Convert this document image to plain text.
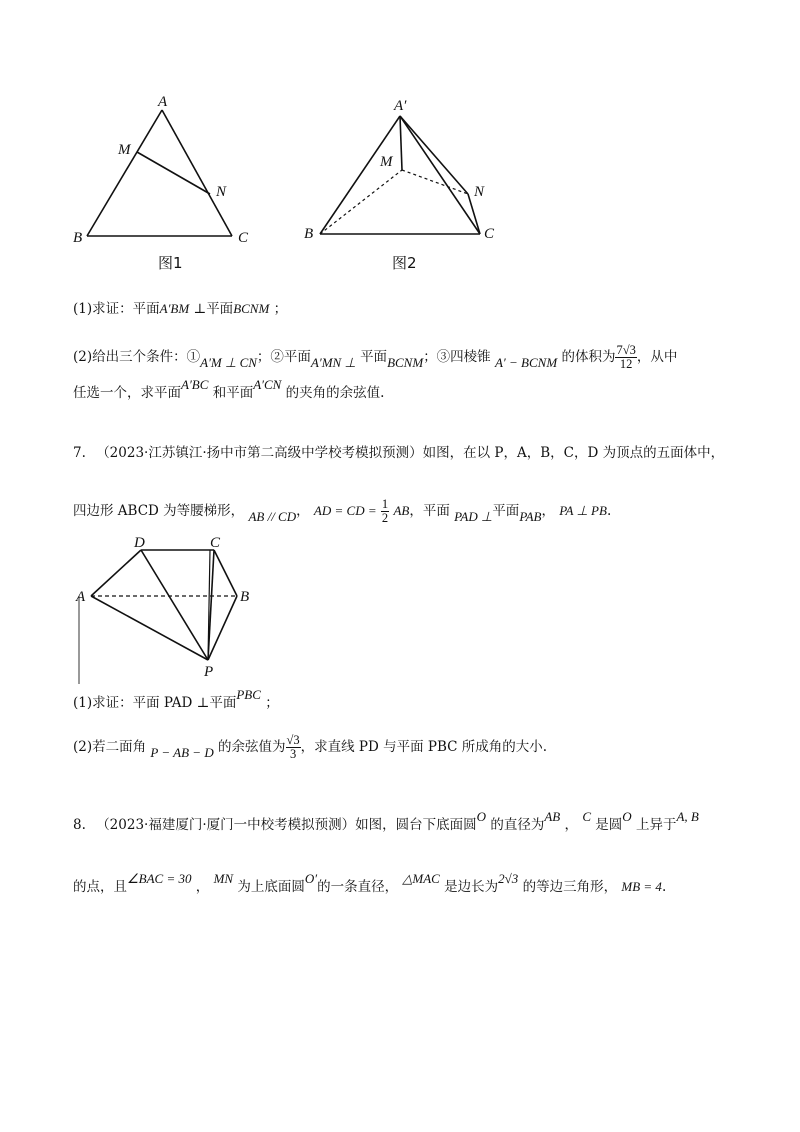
A
M
N
B	C
图1
A′
M
N
B	C
图2
(1)求证：平面A′BM ⊥平面BCNM ；
(2)给出三个条件：①A′M ⊥ CN；②平面A′MN ⊥ 平面BCNM；③四棱锥 A′ − BCNM 的体积为 $\frac{7√3}{12}$ ，从中
任选一个，求平面A′BC 和平面A′CN 的夹角的余弦值.
7. （2023·江苏镇江·扬中市第二高级中学校考模拟预测）如图，在以 P，A，B，C，D 为顶点的五面体中，
四边形 ABCD 为等腰梯形， AB // CD， AD = CD = $\frac{1}{2}$ AB，平面 PAD ⊥平面PAB， PA ⊥ PB.
D	C
A	B
P
(1)求证：平面 PAD ⊥平面PBC ；
(2)若二面角 P − AB − D 的余弦值为 $\frac{√3}{3}$ ，求直线 PD 与平面 PBC 所成角的大小.
8. （2023·福建厦门·厦门一中校考模拟预测）如图，圆台下底面圆O 的直径为AB ， C 是圆O 上异于A, B
的点，且∠BAC = 30 ， MN 为上底面圆O′的一条直径， △MAC 是边长为2√3 的等边三角形， MB = 4.
